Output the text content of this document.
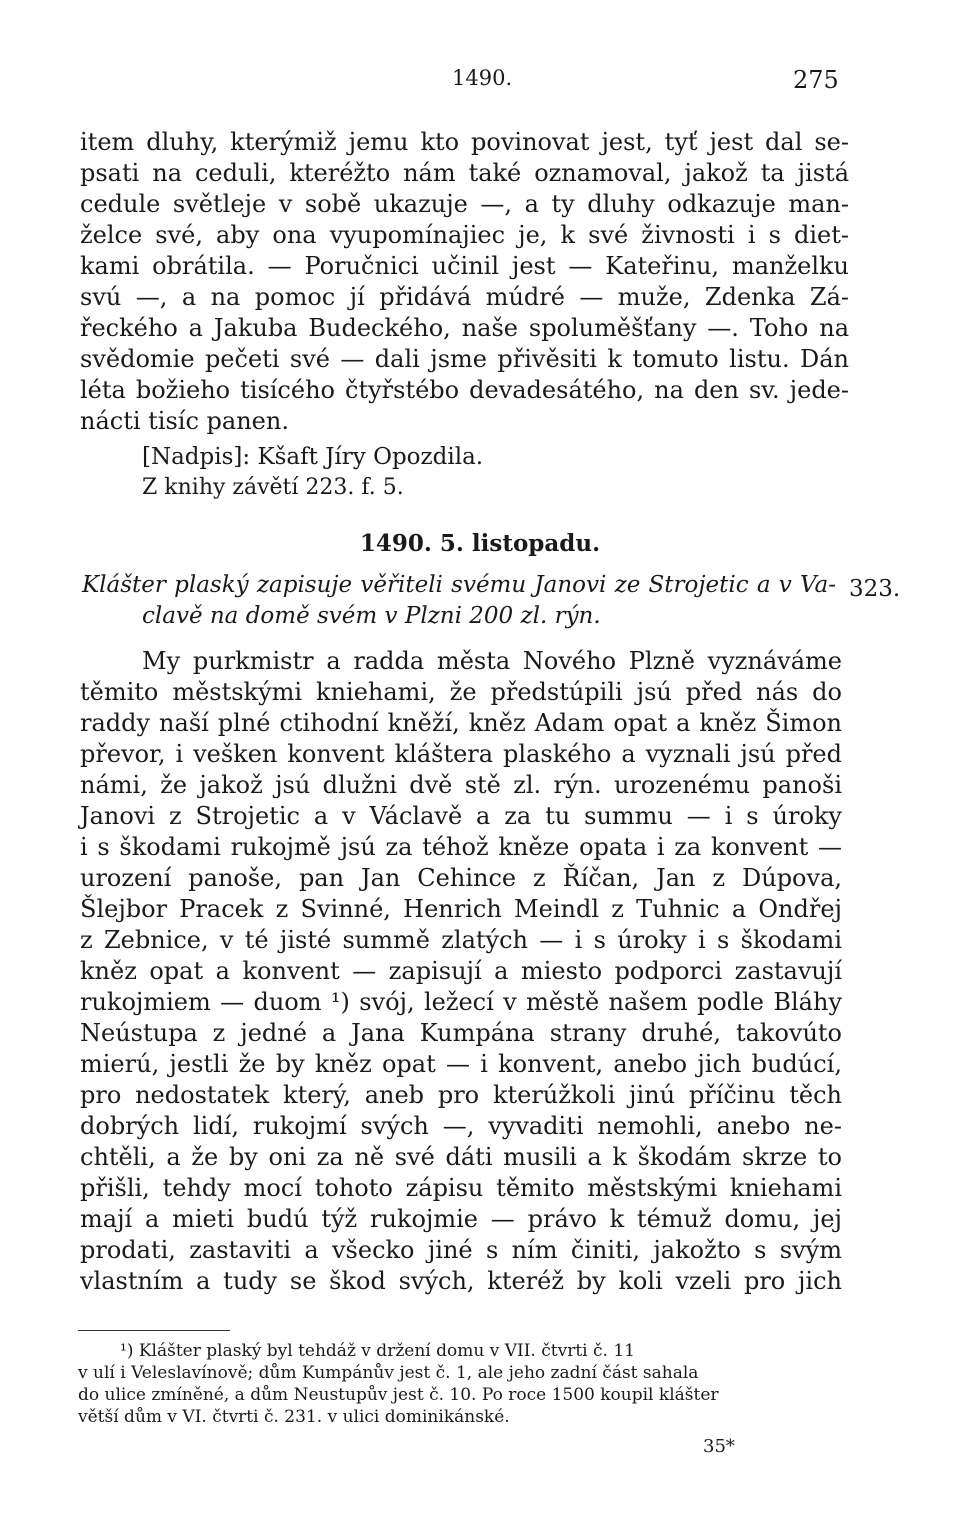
1490.	275
item dluhy, kterýmiž jemu kto povinovat jest, tyť jest dal se-
psati na ceduli, kteréžto nám také oznamoval, jakož ta jistá
cedule světleje v sobě ukazuje —, a ty dluhy odkazuje man-
želce své, aby ona vyupomínajiec je, k své živnosti i s diet-
kami obrátila. — Poručnici učinil jest — Kateřinu, manželku
svú —, a na pomoc jí přidává múdré — muže, Zdenka Zá-
řeckého a Jakuba Budeckého, naše spoluměšťany —. Toho na
svědomie pečeti své — dali jsme přivěsiti k tomuto listu. Dán
léta božieho tisícého čtyřstébo devadesátého, na den sv. jede-
nácti tisíc panen.
[Nadpis]: Kšaft Jíry Opozdila.
Z knihy závětí 223. f. 5.
1490. 5. listopadu.
323.
Klášter plaský zapisuje věřiteli svému Janovi ze Strojetic a v Va-
clavě na domě svém v Plzni 200 zl. rýn.
My purkmistr a radda města Nového Plzně vyznáváme
těmito městskými kniehami, že předstúpili jsú před nás do
raddy naší plné ctihodní kněží, kněz Adam opat a kněz Šimon
převor, i vešken konvent kláštera plaského a vyznali jsú před
námi, že jakož jsú dlužni dvě stě zl. rýn. urozenému panoši
Janovi z Strojetic a v Václavě a za tu summu — i s úroky
i s škodami rukojmě jsú za téhož kněze opata i za konvent —
urození panoše, pan Jan Cehince z Říčan, Jan z Dúpova,
Šlejbor Pracek z Svinné, Henrich Meindl z Tuhnic a Ondřej
z Zebnice, v té jisté summě zlatých — i s úroky i s škodami
kněz opat a konvent — zapisují a miesto podporci zastavují
rukojmiem — duom ¹) svój, ležecí v městě našem podle Bláhy
Neústupa z jedné a Jana Kumpána strany druhé, takovúto
mierú, jestli že by kněz opat — i konvent, anebo jich budúcí,
pro nedostatek který, aneb pro kterúžkoli jinú příčinu těch
dobrých lidí, rukojmí svých —, vyvaditi nemohli, anebo ne-
chtěli, a že by oni za ně své dáti musili a k škodám skrze to
přišli, tehdy mocí tohoto zápisu těmito městskými kniehami
mají a mieti budú týž rukojmie — právo k témuž domu, jej
prodati, zastaviti a všecko jiné s ním činiti, jakožto s svým
vlastním a tudy se škod svých, kteréž by koli vzeli pro jich
¹) Klášter plaský byl tehdáž v držení domu v VII. čtvrti č. 11
v ulí i Veleslavínově; dům Kumpánův jest č. 1, ale jeho zadní část sahala
do ulice zmíněné, a dům Neustupův jest č. 10. Po roce 1500 koupil klášter
větší dům v VI. čtvrti č. 231. v ulici dominikánské.
35*
